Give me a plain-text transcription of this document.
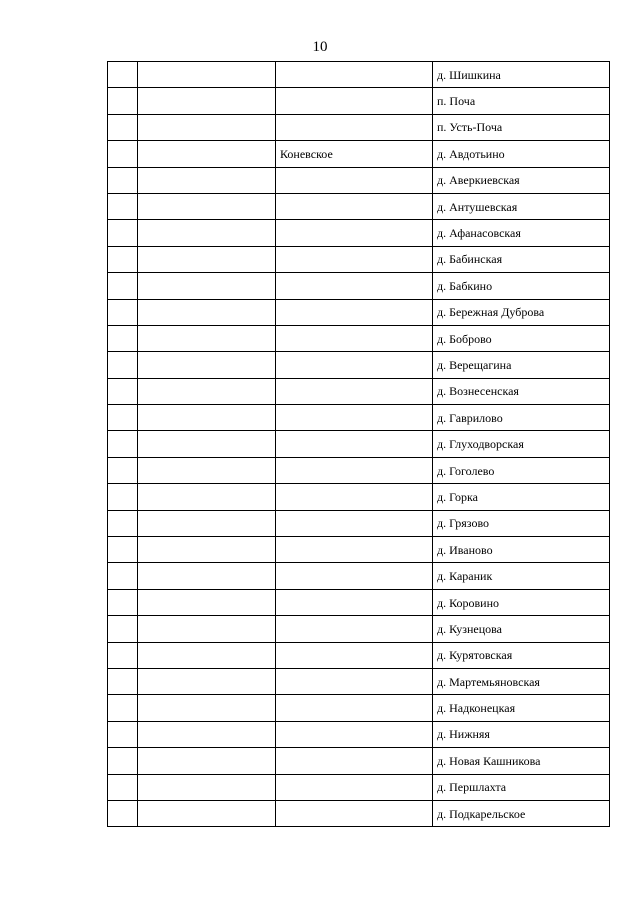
10
			д. Шишкина
			п. Поча
			п. Усть-Поча
		Коневское	д. Авдотьино
			д. Аверкиевская
			д. Антушевская
			д. Афанасовская
			д. Бабинская
			д. Бабкино
			д. Бережная Дуброва
			д. Боброво
			д. Верещагина
			д. Вознесенская
			д. Гаврилово
			д. Глуходворская
			д. Гоголево
			д. Горка
			д. Грязово
			д. Иваново
			д. Караник
			д. Коровино
			д. Кузнецова
			д. Курятовская
			д. Мартемьяновская
			д. Надконецкая
			д. Нижняя
			д. Новая Кашникова
			д. Першлахта
			д. Подкарельское
